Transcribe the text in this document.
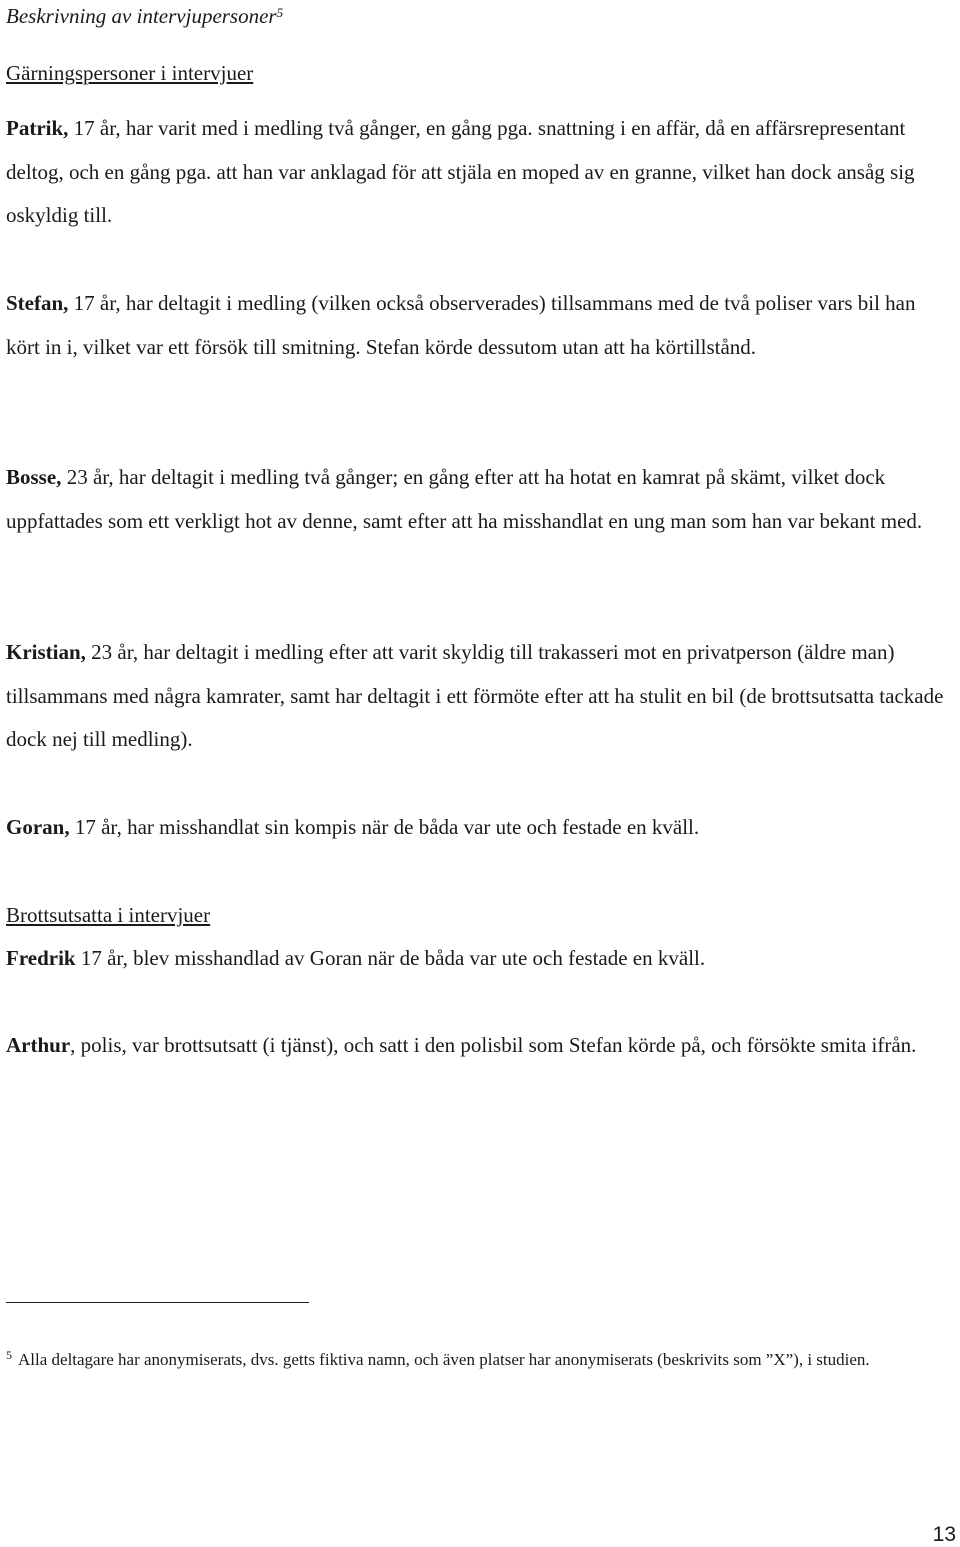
Beskrivning av intervjupersoner$^5$
Gärningspersoner i intervjuer
Patrik, 17 år, har varit med i medling två gånger, en gång pga. snattning i en affär, då en affärsrepresentant deltog, och en gång pga. att han var anklagad för att stjäla en moped av en granne, vilket han dock ansåg sig oskyldig till.
Stefan, 17 år, har deltagit i medling (vilken också observerades) tillsammans med de två poliser vars bil han kört in i, vilket var ett försök till smitning. Stefan körde dessutom utan att ha körtillstånd.
Bosse, 23 år, har deltagit i medling två gånger; en gång efter att ha hotat en kamrat på skämt, vilket dock uppfattades som ett verkligt hot av denne, samt efter att ha misshandlat en ung man som han var bekant med.
Kristian, 23 år, har deltagit i medling efter att varit skyldig till trakasseri mot en privatperson (äldre man) tillsammans med några kamrater, samt har deltagit i ett förmöte efter att ha stulit en bil (de brottsutsatta tackade dock nej till medling).
Goran, 17 år, har misshandlat sin kompis när de båda var ute och festade en kväll.
Brottsutsatta i intervjuer
Fredrik 17 år, blev misshandlad av Goran när de båda var ute och festade en kväll.
Arthur, polis, var brottsutsatt (i tjänst), och satt i den polisbil som Stefan körde på, och försökte smita ifrån.
$^5$ Alla deltagare har anonymiserats, dvs. getts fiktiva namn, och även platser har anonymiserats (beskrivits som ”X”), i studien.
13
